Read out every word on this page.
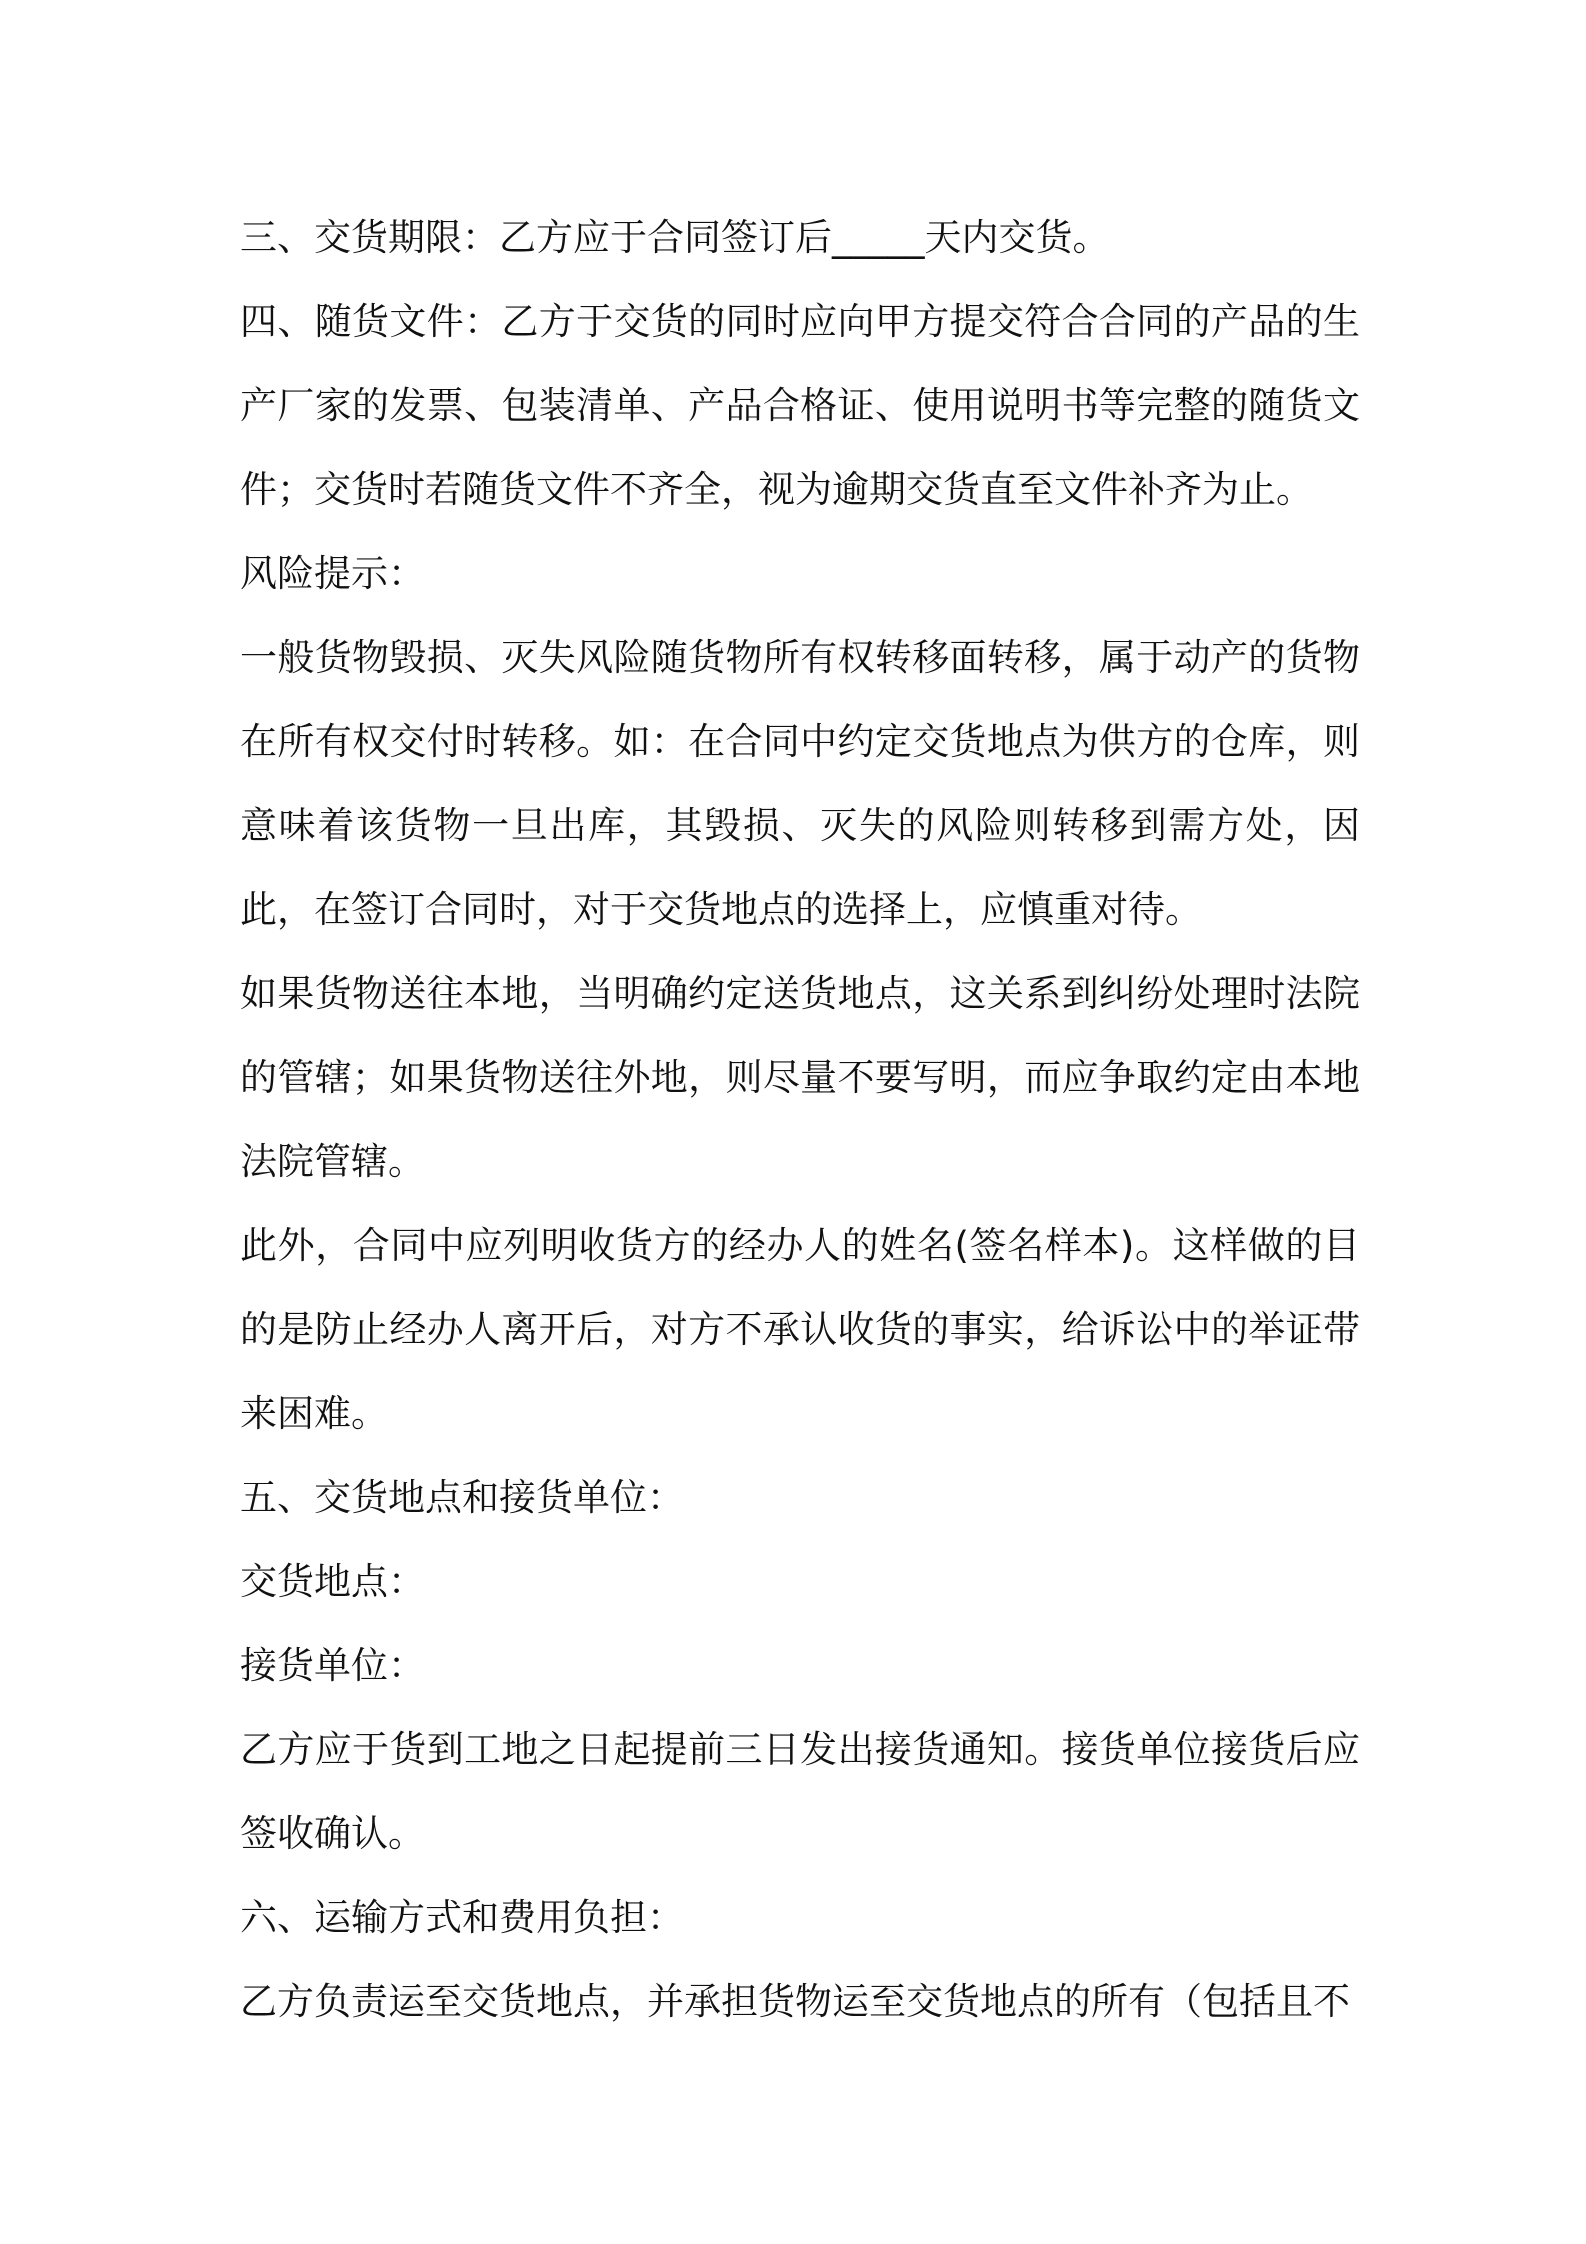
三、交货期限：乙方应于合同签订后_____天内交货。

四、随货文件：乙方于交货的同时应向甲方提交符合合同的产品的生产厂家的发票、包装清单、产品合格证、使用说明书等完整的随货文件；交货时若随货文件不齐全，视为逾期交货直至文件补齐为止。

风险提示：

一般货物毁损、灭失风险随货物所有权转移面转移，属于动产的货物在所有权交付时转移。如：在合同中约定交货地点为供方的仓库，则意味着该货物一旦出库，其毁损、灭失的风险则转移到需方处，因此，在签订合同时，对于交货地点的选择上，应慎重对待。

如果货物送往本地，当明确约定送货地点，这关系到纠纷处理时法院的管辖；如果货物送往外地，则尽量不要写明，而应争取约定由本地法院管辖。

此外，合同中应列明收货方的经办人的姓名(签名样本)。这样做的目的是防止经办人离开后，对方不承认收货的事实，给诉讼中的举证带来困难。

五、交货地点和接货单位：

交货地点：

接货单位：

乙方应于货到工地之日起提前三日发出接货通知。接货单位接货后应签收确认。

六、运输方式和费用负担：

乙方负责运至交货地点，并承担货物运至交货地点的所有（包括且不
